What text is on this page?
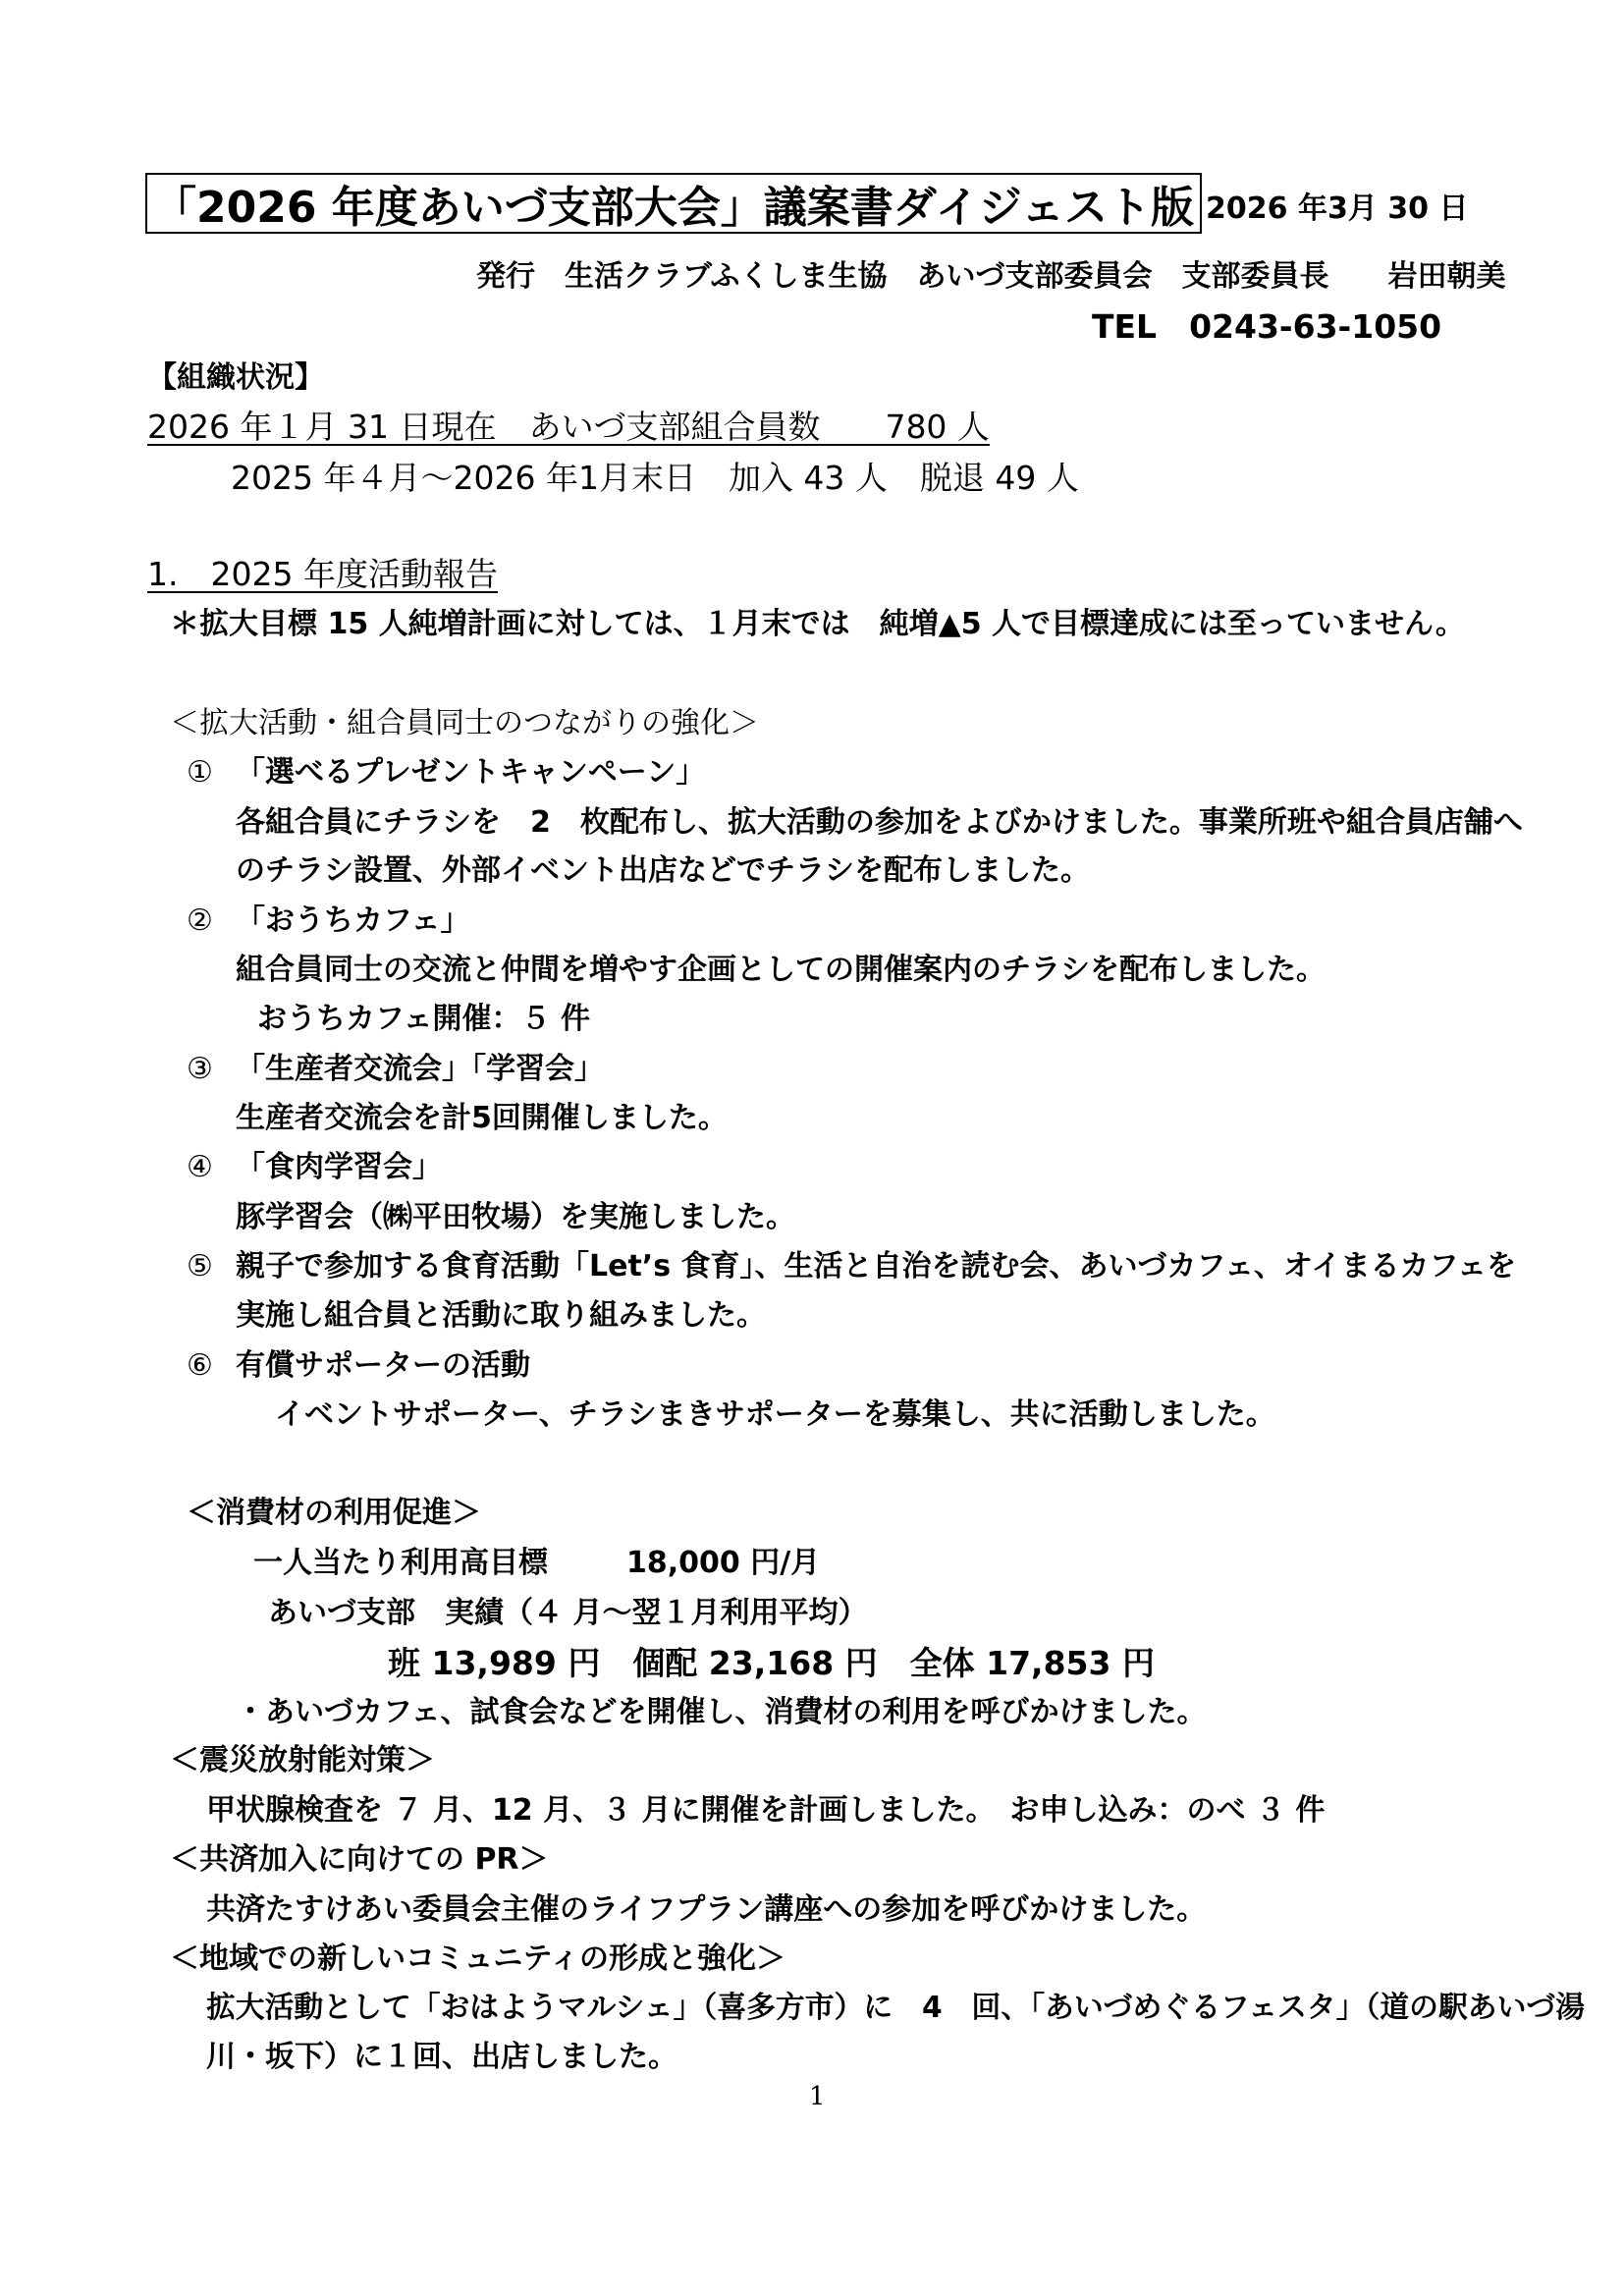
「2026 年度あいづ支部大会」議案書ダイジェスト版 2026 年3月 30 日
発行　生活クラブふくしま生協　あいづ支部委員会　支部委員長　　岩田朝美
TEL　0243-63-1050
【組織状況】
2026 年１月 31 日現在　あいづ支部組合員数　　780 人
2025 年４月～2026 年1月末日　加入 43 人　脱退 49 人
1.　2025 年度活動報告
＊拡大目標 15 人純増計画に対しては、１月末では　純増▲5 人で目標達成には至っていません。
＜拡大活動・組合員同士のつながりの強化＞
① 「選べるプレゼントキャンペーン」
各組合員にチラシを　2　枚配布し、拡大活動の参加をよびかけました。事業所班や組合員店舗へ
のチラシ設置、外部イベント出店などでチラシを配布しました。
② 「おうちカフェ」
組合員同士の交流と仲間を増やす企画としての開催案内のチラシを配布しました。
おうちカフェ開催：５ 件
③ 「生産者交流会」「学習会」
生産者交流会を計5回開催しました。
④ 「食肉学習会」
豚学習会（㈱平田牧場）を実施しました。
⑤ 親子で参加する食育活動「Let’s 食育」、生活と自治を読む会、あいづカフェ、オイまるカフェを
実施し組合員と活動に取り組みました。
⑥ 有償サポーターの活動
イベントサポーター、チラシまきサポーターを募集し、共に活動しました。
＜消費材の利用促進＞
一人当たり利用高目標	18,000 円/月
あいづ支部　実績（４ 月～翌１月利用平均）
班 13,989 円　個配 23,168 円　全体 17,853 円
・あいづカフェ、試食会などを開催し、消費材の利用を呼びかけました。
＜震災放射能対策＞
甲状腺検査を ７ 月、12 月、３ 月に開催を計画しました。　お申し込み：のべ ３ 件
＜共済加入に向けての PR＞
共済たすけあい委員会主催のライフプラン講座への参加を呼びかけました。
＜地域での新しいコミュニティの形成と強化＞
拡大活動として「おはようマルシェ」（喜多方市）に　4　回、「あいづめぐるフェスタ」（道の駅あいづ湯
川・坂下）に１回、出店しました。
1
